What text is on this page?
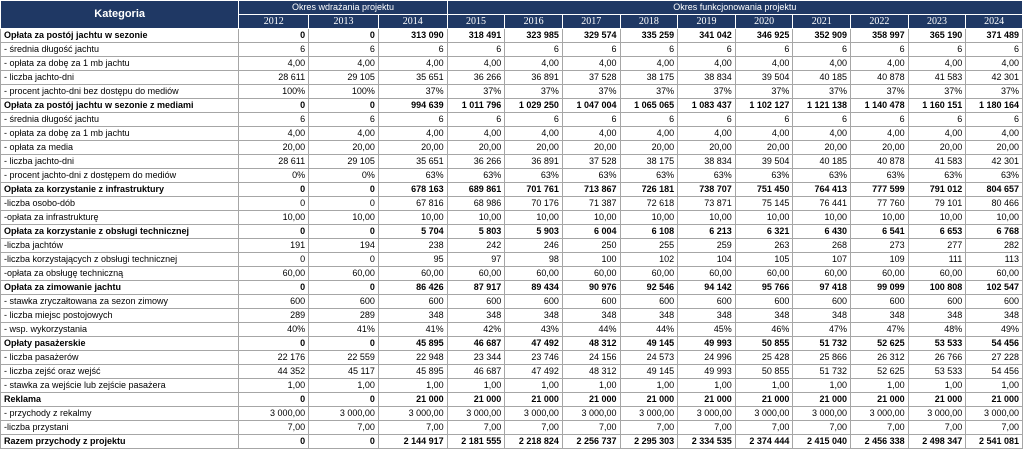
Kategoria	Okres wdrażania projektu			Okres funkcjonowania projektu									
	2012	2013	2014	2015	2016	2017	2018	2019	2020	2021	2022	2023	2024
Opłata za postój jachtu w sezonie	0	0	313 090	318 491	323 985	329 574	335 259	341 042	346 925	352 909	358 997	365 190	371 489
- średnia długość jachtu	6	6	6	6	6	6	6	6	6	6	6	6	6
- opłata za dobę za 1 mb jachtu	4,00	4,00	4,00	4,00	4,00	4,00	4,00	4,00	4,00	4,00	4,00	4,00	4,00
- liczba jachto-dni	28 611	29 105	35 651	36 266	36 891	37 528	38 175	38 834	39 504	40 185	40 878	41 583	42 301
- procent jachto-dni bez dostępu do mediów	100%	100%	37%	37%	37%	37%	37%	37%	37%	37%	37%	37%	37%
Opłata za postój jachtu w sezonie z mediami	0	0	994 639	1 011 796	1 029 250	1 047 004	1 065 065	1 083 437	1 102 127	1 121 138	1 140 478	1 160 151	1 180 164
- średnia długość jachtu	6	6	6	6	6	6	6	6	6	6	6	6	6
- opłata za dobę za 1 mb jachtu	4,00	4,00	4,00	4,00	4,00	4,00	4,00	4,00	4,00	4,00	4,00	4,00	4,00
- opłata za media	20,00	20,00	20,00	20,00	20,00	20,00	20,00	20,00	20,00	20,00	20,00	20,00	20,00
- liczba jachto-dni	28 611	29 105	35 651	36 266	36 891	37 528	38 175	38 834	39 504	40 185	40 878	41 583	42 301
- procent jachto-dni z dostępem do mediów	0%	0%	63%	63%	63%	63%	63%	63%	63%	63%	63%	63%	63%
Opłata za korzystanie z infrastruktury	0	0	678 163	689 861	701 761	713 867	726 181	738 707	751 450	764 413	777 599	791 012	804 657
-liczba osobo-dób	0	0	67 816	68 986	70 176	71 387	72 618	73 871	75 145	76 441	77 760	79 101	80 466
-opłata za infrastrukturę	10,00	10,00	10,00	10,00	10,00	10,00	10,00	10,00	10,00	10,00	10,00	10,00	10,00
Opłata za korzystanie z obsługi technicznej	0	0	5 704	5 803	5 903	6 004	6 108	6 213	6 321	6 430	6 541	6 653	6 768
-liczba jachtów	191	194	238	242	246	250	255	259	263	268	273	277	282
-liczba korzystających z obsługi technicznej	0	0	95	97	98	100	102	104	105	107	109	111	113
-opłata za obsługę techniczną	60,00	60,00	60,00	60,00	60,00	60,00	60,00	60,00	60,00	60,00	60,00	60,00	60,00
Opłata za zimowanie jachtu	0	0	86 426	87 917	89 434	90 976	92 546	94 142	95 766	97 418	99 099	100 808	102 547
- stawka zryczałtowana za sezon zimowy	600	600	600	600	600	600	600	600	600	600	600	600	600
- liczba miejsc postojowych	289	289	348	348	348	348	348	348	348	348	348	348	348
- wsp. wykorzystania	40%	41%	41%	42%	43%	44%	44%	45%	46%	47%	47%	48%	49%
Opłaty pasażerskie	0	0	45 895	46 687	47 492	48 312	49 145	49 993	50 855	51 732	52 625	53 533	54 456
- liczba pasażerów	22 176	22 559	22 948	23 344	23 746	24 156	24 573	24 996	25 428	25 866	26 312	26 766	27 228
- liczba zejść oraz wejść	44 352	45 117	45 895	46 687	47 492	48 312	49 145	49 993	50 855	51 732	52 625	53 533	54 456
- stawka za wejście lub zejście pasażera	1,00	1,00	1,00	1,00	1,00	1,00	1,00	1,00	1,00	1,00	1,00	1,00	1,00
Reklama	0	0	21 000	21 000	21 000	21 000	21 000	21 000	21 000	21 000	21 000	21 000	21 000
- przychody z rekalmy	3 000,00	3 000,00	3 000,00	3 000,00	3 000,00	3 000,00	3 000,00	3 000,00	3 000,00	3 000,00	3 000,00	3 000,00	3 000,00
-liczba przystani	7,00	7,00	7,00	7,00	7,00	7,00	7,00	7,00	7,00	7,00	7,00	7,00	7,00
Razem przychody z projektu	0	0	2 144 917	2 181 555	2 218 824	2 256 737	2 295 303	2 334 535	2 374 444	2 415 040	2 456 338	2 498 347	2 541 081
